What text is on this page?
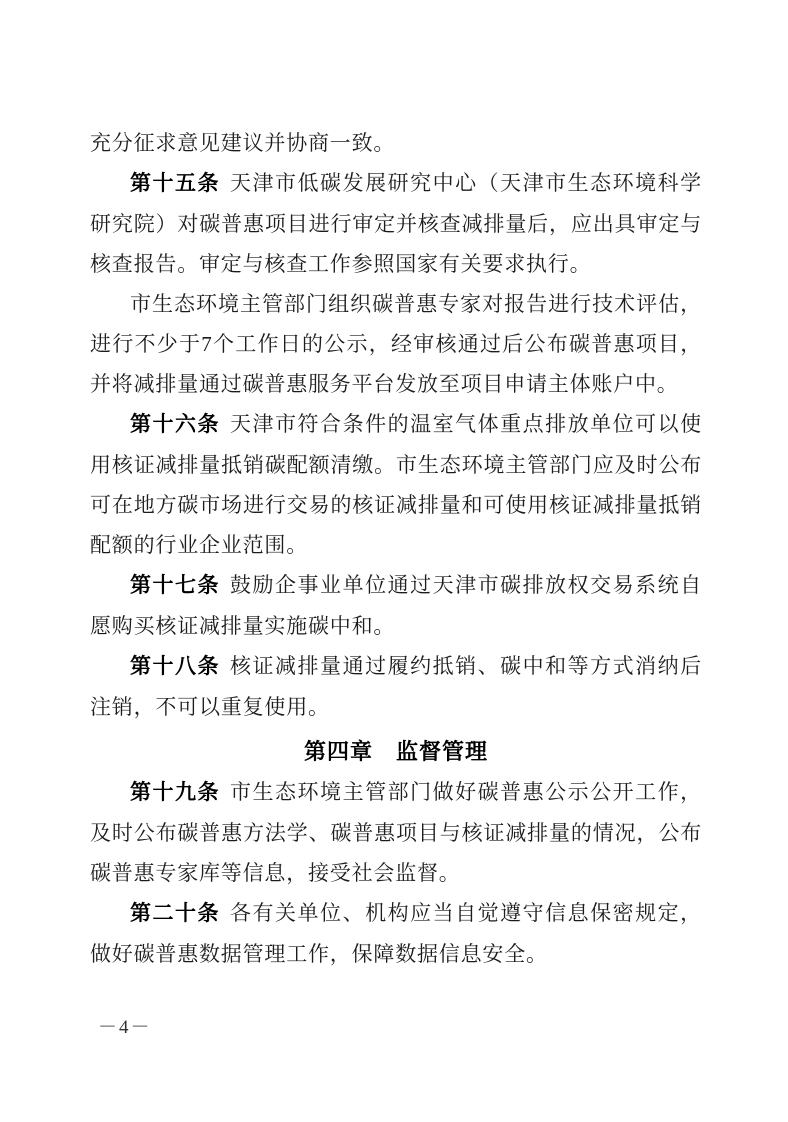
充分征求意见建议并协商一致。

第十五条 天津市低碳发展研究中心（天津市生态环境科学研究院）对碳普惠项目进行审定并核查减排量后，应出具审定与核查报告。审定与核查工作参照国家有关要求执行。

市生态环境主管部门组织碳普惠专家对报告进行技术评估，进行不少于7个工作日的公示，经审核通过后公布碳普惠项目，并将减排量通过碳普惠服务平台发放至项目申请主体账户中。

第十六条 天津市符合条件的温室气体重点排放单位可以使用核证减排量抵销碳配额清缴。市生态环境主管部门应及时公布可在地方碳市场进行交易的核证减排量和可使用核证减排量抵销配额的行业企业范围。

第十七条 鼓励企事业单位通过天津市碳排放权交易系统自愿购买核证减排量实施碳中和。

第十八条 核证减排量通过履约抵销、碳中和等方式消纳后注销，不可以重复使用。

第四章　监督管理

第十九条 市生态环境主管部门做好碳普惠公示公开工作，及时公布碳普惠方法学、碳普惠项目与核证减排量的情况，公布碳普惠专家库等信息，接受社会监督。

第二十条 各有关单位、机构应当自觉遵守信息保密规定，做好碳普惠数据管理工作，保障数据信息安全。

－4－
